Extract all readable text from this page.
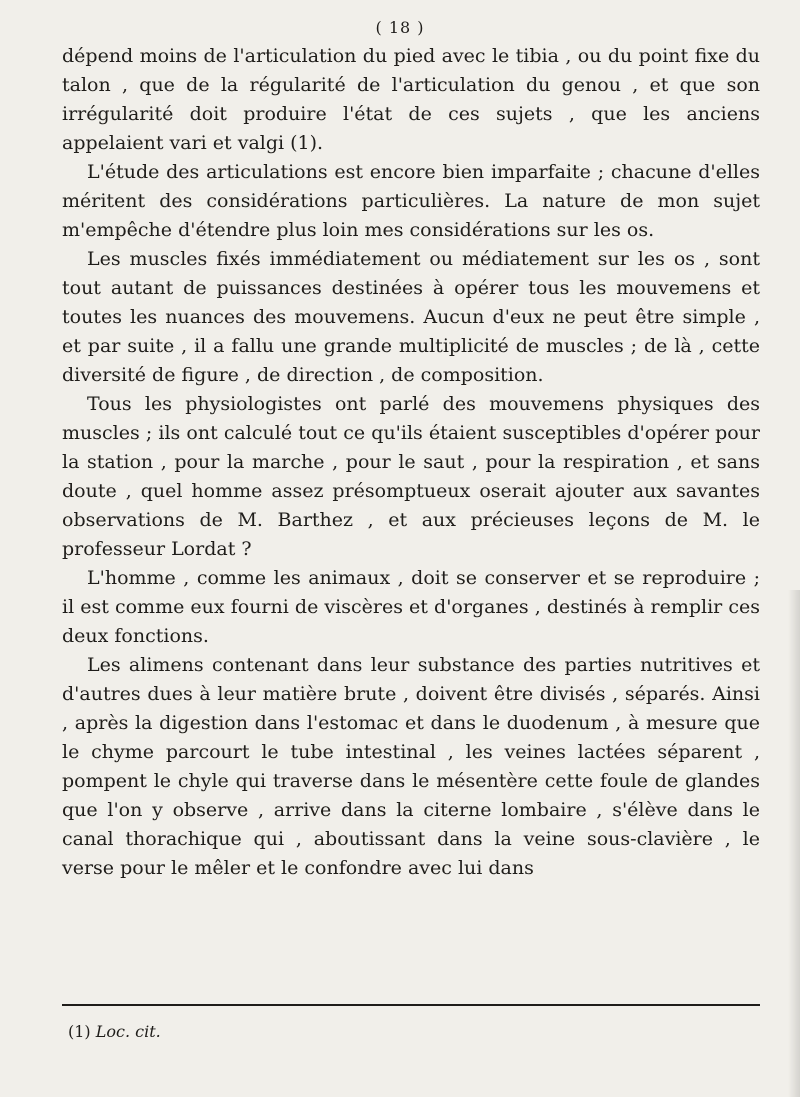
( 18 )

dépend moins de l'articulation du pied avec le tibia , ou du point fixe du talon , que de la régularité de l'articulation du genou , et que son irrégularité doit produire l'état de ces sujets , que les anciens appelaient vari et valgi (1).

L'étude des articulations est encore bien imparfaite ; chacune d'elles méritent des considérations particulières. La nature de mon sujet m'empêche d'étendre plus loin mes considérations sur les os.

Les muscles fixés immédiatement ou médiatement sur les os , sont tout autant de puissances destinées à opérer tous les mouvemens et toutes les nuances des mouvemens. Aucun d'eux ne peut être simple , et par suite , il a fallu une grande multiplicité de muscles ; de là , cette diversité de figure , de direction , de composition.

Tous les physiologistes ont parlé des mouvemens physiques des muscles ; ils ont calculé tout ce qu'ils étaient susceptibles d'opérer pour la station , pour la marche , pour le saut , pour la respiration , et sans doute , quel homme assez présomptueux oserait ajouter aux savantes observations de M. Barthez , et aux précieuses leçons de M. le professeur Lordat ?

L'homme , comme les animaux , doit se conserver et se reproduire ; il est comme eux fourni de viscères et d'organes , destinés à remplir ces deux fonctions.

Les alimens contenant dans leur substance des parties nutritives et d'autres dues à leur matière brute , doivent être divisés , séparés. Ainsi , après la digestion dans l'estomac et dans le duodenum , à mesure que le chyme parcourt le tube intestinal , les veines lactées séparent , pompent le chyle qui traverse dans le mésentère cette foule de glandes que l'on y observe , arrive dans la citerne lombaire , s'élève dans le canal thorachique qui , aboutissant dans la veine sous-clavière , le verse pour le mêler et le confondre avec lui dans

(1) Loc. cit.
